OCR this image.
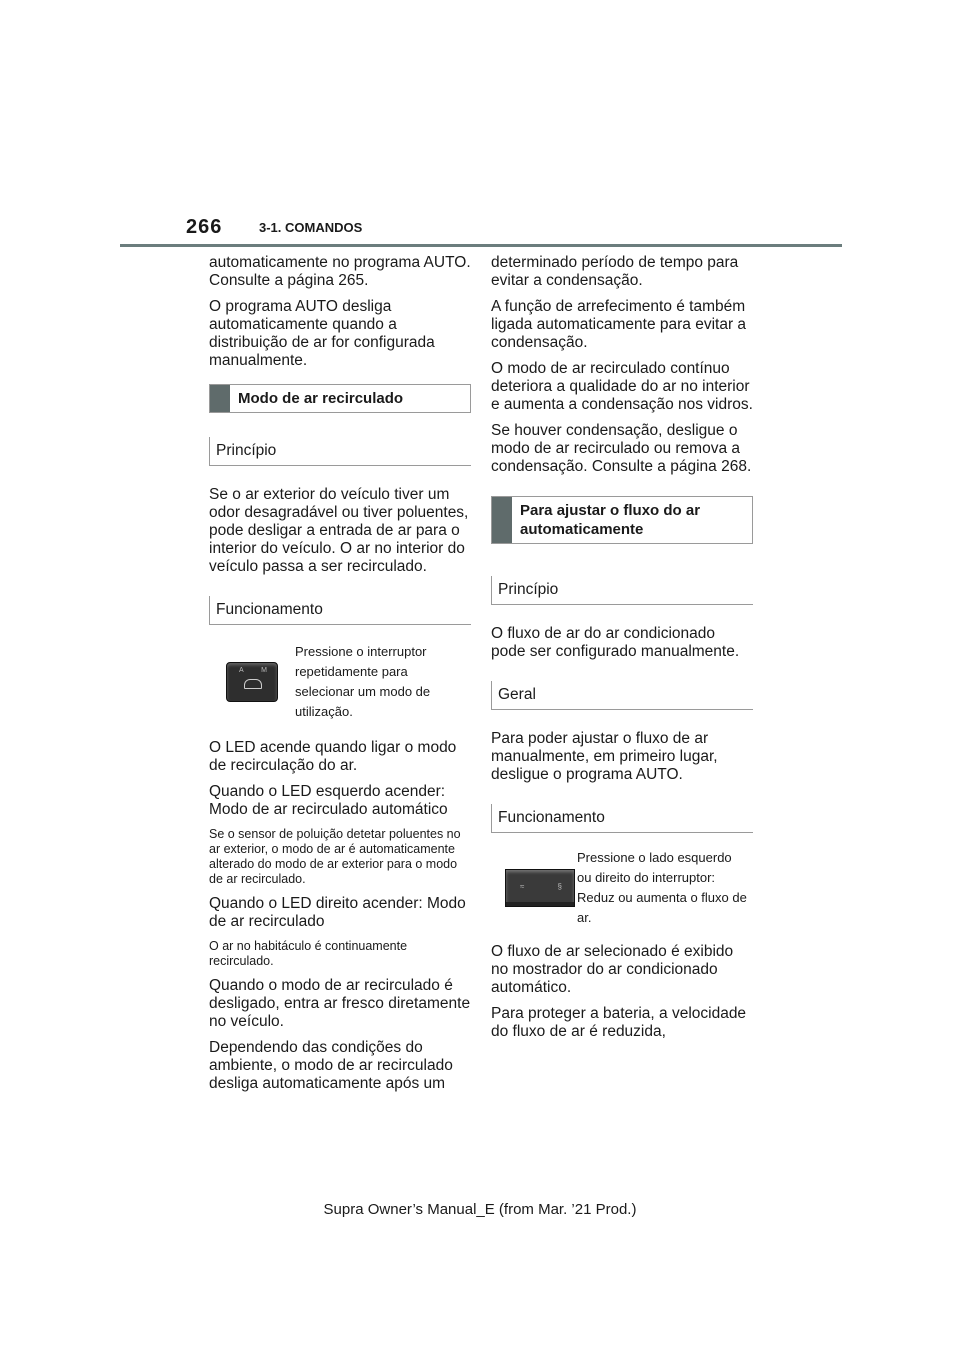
266	3-1. COMANDOS

automaticamente no programa AUTO. Consulte a página 265.

O programa AUTO desliga automaticamente quando a distribuição de ar for configurada manualmente.

Modo de ar recirculado
Princípio

Se o ar exterior do veículo tiver um odor desagradável ou tiver poluentes, pode desligar a entrada de ar para o interior do veículo. O ar no interior do veículo passa a ser recirculado.

Funcionamento
A M
Pressione o interruptor repetidamente para selecionar um modo de utilização.

O LED acende quando ligar o modo de recirculação do ar.

Quando o LED esquerdo acender: Modo de ar recirculado automático

Se o sensor de poluição detetar poluentes no ar exterior, o modo de ar é automaticamente alterado do modo de ar exterior para o modo de ar recirculado.

Quando o LED direito acender: Modo de ar recirculado

O ar no habitáculo é continuamente recirculado.

Quando o modo de ar recirculado é desligado, entra ar fresco diretamente no veículo.

Dependendo das condições do ambiente, o modo de ar recirculado desliga automaticamente após um

determinado período de tempo para evitar a condensação.

A função de arrefecimento é também ligada automaticamente para evitar a condensação.

O modo de ar recirculado contínuo deteriora a qualidade do ar no interior e aumenta a condensação nos vidros.

Se houver condensação, desligue o modo de ar recirculado ou remova a condensação. Consulte a página 268.

Para ajustar o fluxo do ar automaticamente
Princípio

O fluxo de ar do ar condicionado pode ser configurado manualmente.

Geral

Para poder ajustar o fluxo de ar manualmente, em primeiro lugar, desligue o programa AUTO.

Funcionamento
≈	§
Pressione o lado esquerdo ou direito do interruptor: Reduz ou aumenta o fluxo de ar.

O fluxo de ar selecionado é exibido no mostrador do ar condicionado automático.

Para proteger a bateria, a velocidade do fluxo de ar é reduzida,

Supra Owner’s Manual_E (from Mar. ’21 Prod.)
